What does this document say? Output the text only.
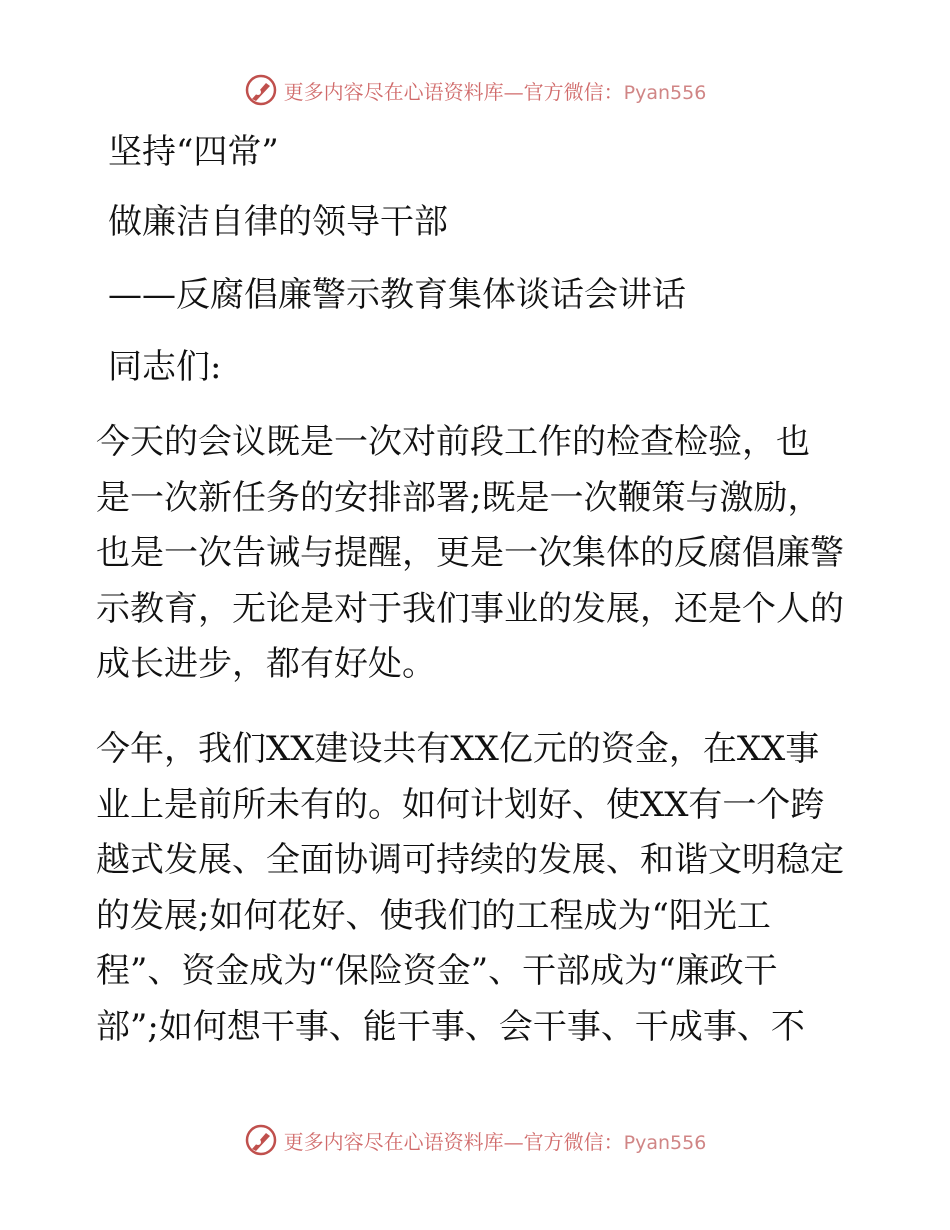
更多内容尽在心语资料库—官方微信：Pyan556

坚持“四常”

做廉洁自律的领导干部

——反腐倡廉警示教育集体谈话会讲话

同志们:

今天的会议既是一次对前段工作的检查检验，也
是一次新任务的安排部署;既是一次鞭策与激励，
也是一次告诫与提醒，更是一次集体的反腐倡廉警
示教育，无论是对于我们事业的发展，还是个人的
成长进步，都有好处。
今年，我们XX建设共有XX亿元的资金，在XX事
业上是前所未有的。如何计划好、使XX有一个跨
越式发展、全面协调可持续的发展、和谐文明稳定
的发展;如何花好、使我们的工程成为“阳光工
程”、资金成为“保险资金”、干部成为“廉政干
部”;如何想干事、能干事、会干事、干成事、不
更多内容尽在心语资料库—官方微信：Pyan556
